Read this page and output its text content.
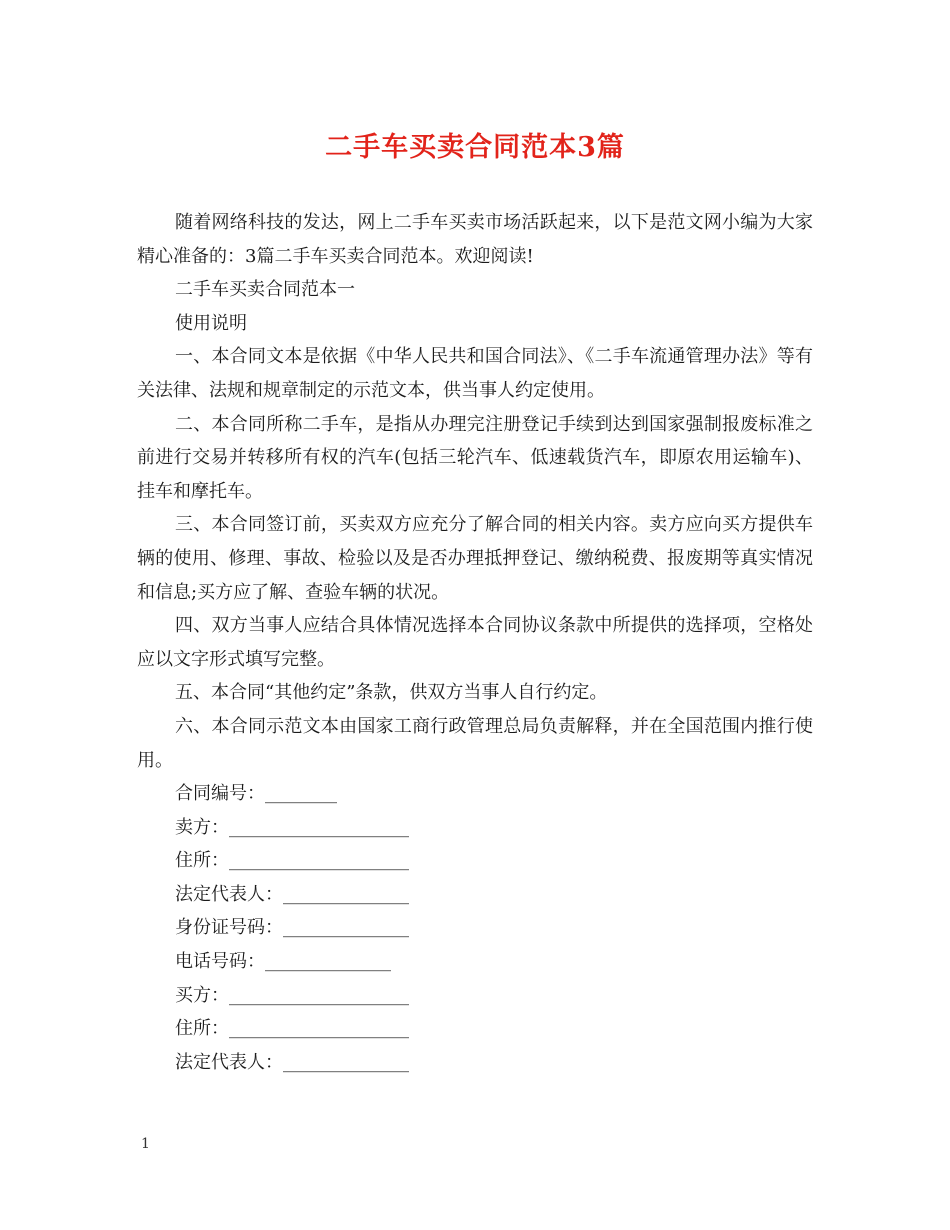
二手车买卖合同范本3篇

随着网络科技的发达，网上二手车买卖市场活跃起来，以下是范文网小编为大家精心准备的：3篇二手车买卖合同范本。欢迎阅读!

二手车买卖合同范本一

使用说明

一、本合同文本是依据《中华人民共和国合同法》、《二手车流通管理办法》等有关法律、法规和规章制定的示范文本，供当事人约定使用。

二、本合同所称二手车，是指从办理完注册登记手续到达到国家强制报废标准之前进行交易并转移所有权的汽车(包括三轮汽车、低速载货汽车，即原农用运输车)、挂车和摩托车。

三、本合同签订前，买卖双方应充分了解合同的相关内容。卖方应向买方提供车辆的使用、修理、事故、检验以及是否办理抵押登记、缴纳税费、报废期等真实情况和信息;买方应了解、查验车辆的状况。

四、双方当事人应结合具体情况选择本合同协议条款中所提供的选择项，空格处应以文字形式填写完整。

五、本合同“其他约定”条款，供双方当事人自行约定。

六、本合同示范文本由国家工商行政管理总局负责解释，并在全国范围内推行使用。

合同编号：________

卖方：____________________

住所：____________________

法定代表人：______________

身份证号码：______________

电话号码：______________

买方：____________________

住所：____________________

法定代表人：______________

1
